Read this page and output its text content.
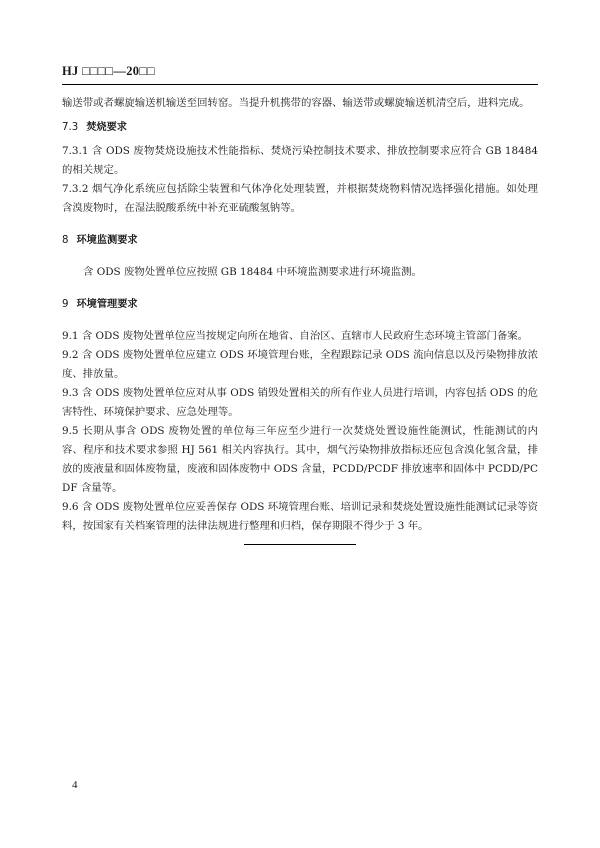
HJ □□□□—20□□

输送带或者螺旋输送机输送至回转窑。当提升机携带的容器、输送带或螺旋输送机清空后，进料完成。

7.3 焚烧要求

7.3.1 含 ODS 废物焚烧设施技术性能指标、焚烧污染控制技术要求、排放控制要求应符合 GB 18484 的相关规定。

7.3.2 烟气净化系统应包括除尘装置和气体净化处理装置，并根据焚烧物料情况选择强化措施。如处理含溴废物时，在湿法脱酸系统中补充亚硫酸氢钠等。

8 环境监测要求

含 ODS 废物处置单位应按照 GB 18484 中环境监测要求进行环境监测。

9 环境管理要求

9.1 含 ODS 废物处置单位应当按规定向所在地省、自治区、直辖市人民政府生态环境主管部门备案。

9.2 含 ODS 废物处置单位应建立 ODS 环境管理台账，全程跟踪记录 ODS 流向信息以及污染物排放浓度、排放量。

9.3 含 ODS 废物处置单位应对从事 ODS 销毁处置相关的所有作业人员进行培训，内容包括 ODS 的危害特性、环境保护要求、应急处理等。

9.5 长期从事含 ODS 废物处置的单位每三年应至少进行一次焚烧处置设施性能测试，性能测试的内容、程序和技术要求参照 HJ 561 相关内容执行。其中，烟气污染物排放指标还应包含溴化氢含量，排放的废液量和固体废物量，废液和固体废物中 ODS 含量，PCDD/PCDF 排放速率和固体中 PCDD/PCDF 含量等。

9.6 含 ODS 废物处置单位应妥善保存 ODS 环境管理台账、培训记录和焚烧处置设施性能测试记录等资料，按国家有关档案管理的法律法规进行整理和归档，保存期限不得少于 3 年。

4
